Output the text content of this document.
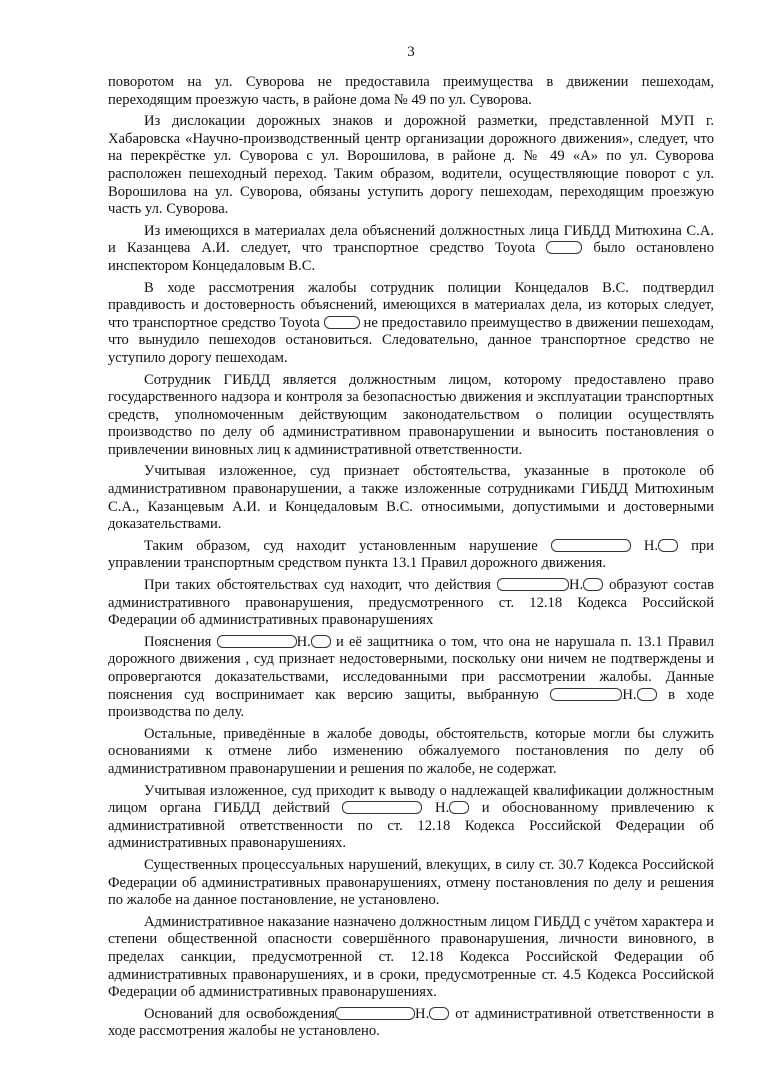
3

поворотом на ул. Суворова не предоставила преимущества в движении пешеходам, переходящим проезжую часть, в районе дома № 49 по ул. Суворова.

Из дислокации дорожных знаков и дорожной разметки, представленной МУП г. Хабаровска «Научно-производственный центр организации дорожного движения», следует, что на перекрёстке ул. Суворова с ул. Ворошилова, в районе д. № 49 «А» по ул. Суворова расположен пешеходный переход. Таким образом, водители, осуществляющие поворот с ул. Ворошилова на ул. Суворова, обязаны уступить дорогу пешеходам, переходящим проезжую часть ул. Суворова.

Из имеющихся в материалах дела объяснений должностных лица ГИБДД Митюхина С.А. и Казанцева А.И. следует, что транспортное средство Toyota	было остановлено инспектором Концедаловым В.С.

В ходе рассмотрения жалобы сотрудник полиции Концедалов В.С. подтвердил правдивость и достоверность объяснений, имеющихся в материалах дела, из которых следует, что транспортное средство Toyota	не предоставило преимущество в движении пешеходам, что вынудило пешеходов остановиться. Следовательно, данное транспортное средство не уступило дорогу пешеходам.

Сотрудник ГИБДД является должностным лицом, которому предоставлено право государственного надзора и контроля за безопасностью движения и эксплуатации транспортных средств, уполномоченным действующим законодательством о полиции осуществлять производство по делу об административном правонарушении и выносить постановления о привлечении виновных лиц к административной ответственности.

Учитывая изложенное, суд признает обстоятельства, указанные в протоколе об административном правонарушении, а также изложенные сотрудниками ГИБДД Митюхиным С.А., Казанцевым А.И. и Концедаловым В.С. относимыми, допустимыми и достоверными доказательствами.

Таким образом, суд находит установленным нарушение	Н. при управлении транспортным средством пункта 13.1 Правил дорожного движения.

При таких обстоятельствах суд находит, что действия	Н. образуют состав административного правонарушения, предусмотренного ст. 12.18 Кодекса Российской Федерации об административных правонарушениях

Пояснения	Н. и её защитника о том, что она не нарушала п. 13.1 Правил дорожного движения , суд признает недостоверными, поскольку они ничем не подтверждены и опровергаются доказательствами, исследованными при рассмотрении жалобы. Данные пояснения суд воспринимает как версию защиты, выбранную	Н. в ходе производства по делу.

Остальные, приведённые в жалобе доводы, обстоятельств, которые могли бы служить основаниями к отмене либо изменению обжалуемого постановления по делу об административном правонарушении и решения по жалобе, не содержат.

Учитывая изложенное, суд приходит к выводу о надлежащей квалификации должностным лицом органа ГИБДД действий	Н. и обоснованному привлечению к административной ответственности по ст. 12.18 Кодекса Российской Федерации об административных правонарушениях.

Существенных процессуальных нарушений, влекущих, в силу ст. 30.7 Кодекса Российской Федерации об административных правонарушениях, отмену постановления по делу и решения по жалобе на данное постановление, не установлено.

Административное наказание назначено должностным лицом ГИБДД с учётом характера и степени общественной опасности совершённого правонарушения, личности виновного, в пределах санкции, предусмотренной ст. 12.18 Кодекса Российской Федерации об административных правонарушениях, и в сроки, предусмотренные ст. 4.5 Кодекса Российской Федерации об административных правонарушениях.

Оснований для освобождения	Н. от административной ответственности в ходе рассмотрения жалобы не установлено.
